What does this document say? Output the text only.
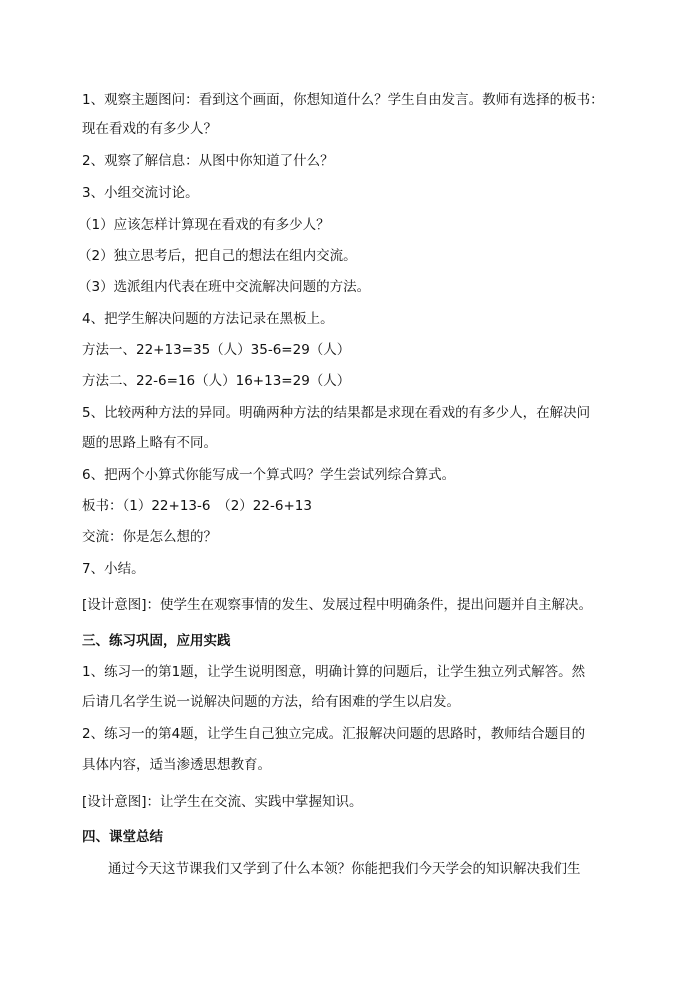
1、观察主题图问：看到这个画面，你想知道什么？学生自由发言。教师有选择的板书：
现在看戏的有多少人？
2、观察了解信息：从图中你知道了什么？
3、小组交流讨论。
（1）应该怎样计算现在看戏的有多少人？
（2）独立思考后，把自己的想法在组内交流。
（3）选派组内代表在班中交流解决问题的方法。
4、把学生解决问题的方法记录在黑板上。
方法一、22+13=35（人）35-6=29（人）
方法二、22-6=16（人）16+13=29（人）
5、比较两种方法的异同。明确两种方法的结果都是求现在看戏的有多少人，在解决问
题的思路上略有不同。
6、把两个小算式你能写成一个算式吗？学生尝试列综合算式。
板书：（1）22+13-6　（2）22-6+13
交流：你是怎么想的？
7、小结。
[设计意图]：使学生在观察事情的发生、发展过程中明确条件，提出问题并自主解决。
三、练习巩固，应用实践
1、练习一的第1题，让学生说明图意，明确计算的问题后，让学生独立列式解答。然
后请几名学生说一说解决问题的方法，给有困难的学生以启发。
2、练习一的第4题，让学生自己独立完成。汇报解决问题的思路时，教师结合题目的
具体内容，适当渗透思想教育。
[设计意图]：让学生在交流、实践中掌握知识。
四、课堂总结
通过今天这节课我们又学到了什么本领？你能把我们今天学会的知识解决我们生
